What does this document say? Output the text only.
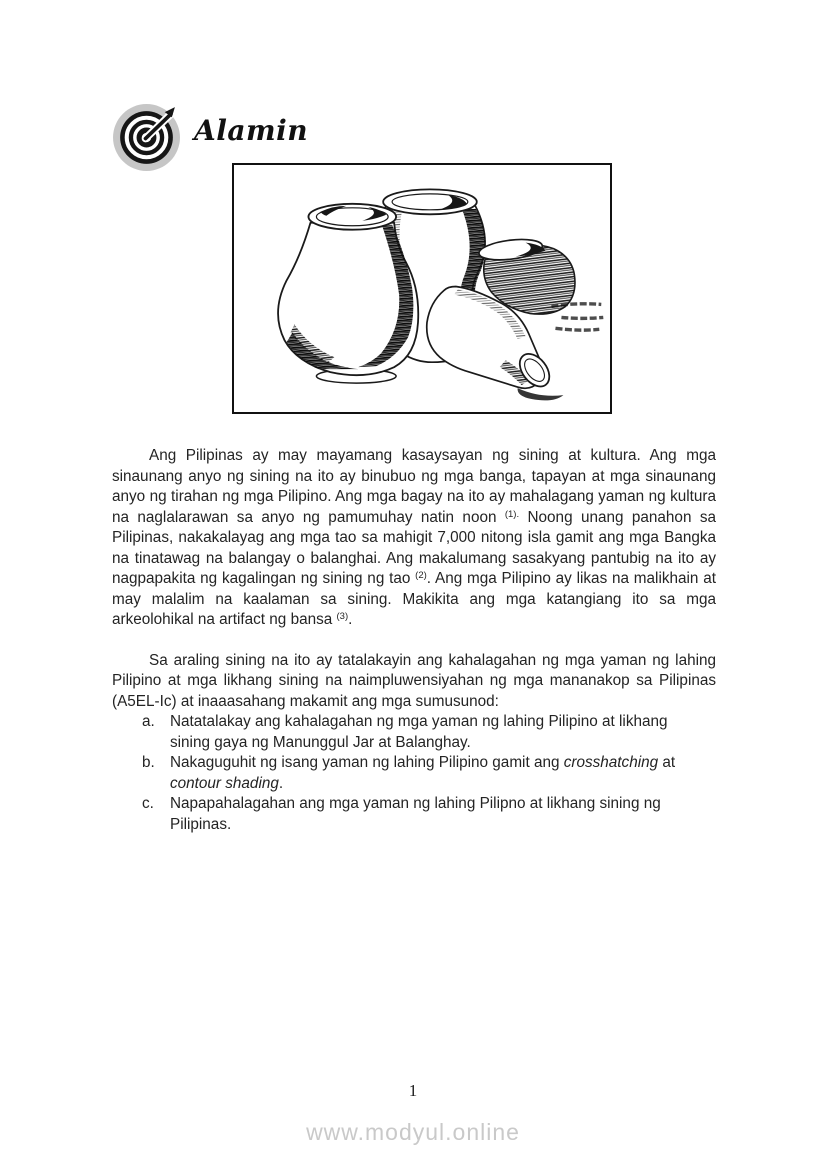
Alamin

Ang Pilipinas ay may mayamang kasaysayan ng sining at kultura. Ang mga sinaunang anyo ng sining na ito ay binubuo ng mga banga, tapayan at mga sinaunang anyo ng tirahan ng mga Pilipino. Ang mga bagay na ito ay mahalagang yaman ng kultura na naglalarawan sa anyo ng pamumuhay natin noon $^{(1).}$ Noong unang panahon sa Pilipinas, nakakalayag ang mga tao sa mahigit 7,000 nitong isla gamit ang mga Bangka na tinatawag na balangay o balanghai. Ang makalumang sasakyang pantubig na ito ay nagpapakita ng kagalingan ng sining ng tao $^{(2)}$. Ang mga Pilipino ay likas na malikhain at may malalim na kaalaman sa sining. Makikita ang mga katangiang ito sa mga arkeolohikal na artifact ng bansa $^{(3)}$.

Sa araling sining na ito ay tatalakayin ang kahalagahan ng mga yaman ng lahing Pilipino at mga likhang sining na naimpluwensiyahan ng mga mananakop sa Pilipinas (A5EL-Ic) at inaaasahang makamit ang mga sumusunod:

a. Natatalakay ang kahalagahan ng mga yaman ng lahing Pilipino at likhang sining gaya ng Manunggul Jar at Balanghay.
b. Nakaguguhit ng isang yaman ng lahing Pilipino gamit ang crosshatching at contour shading.
c.	Napapahalagahan ang mga yaman ng lahing Pilipno at likhang sining ng Pilipinas.
1
www.modyul.online
